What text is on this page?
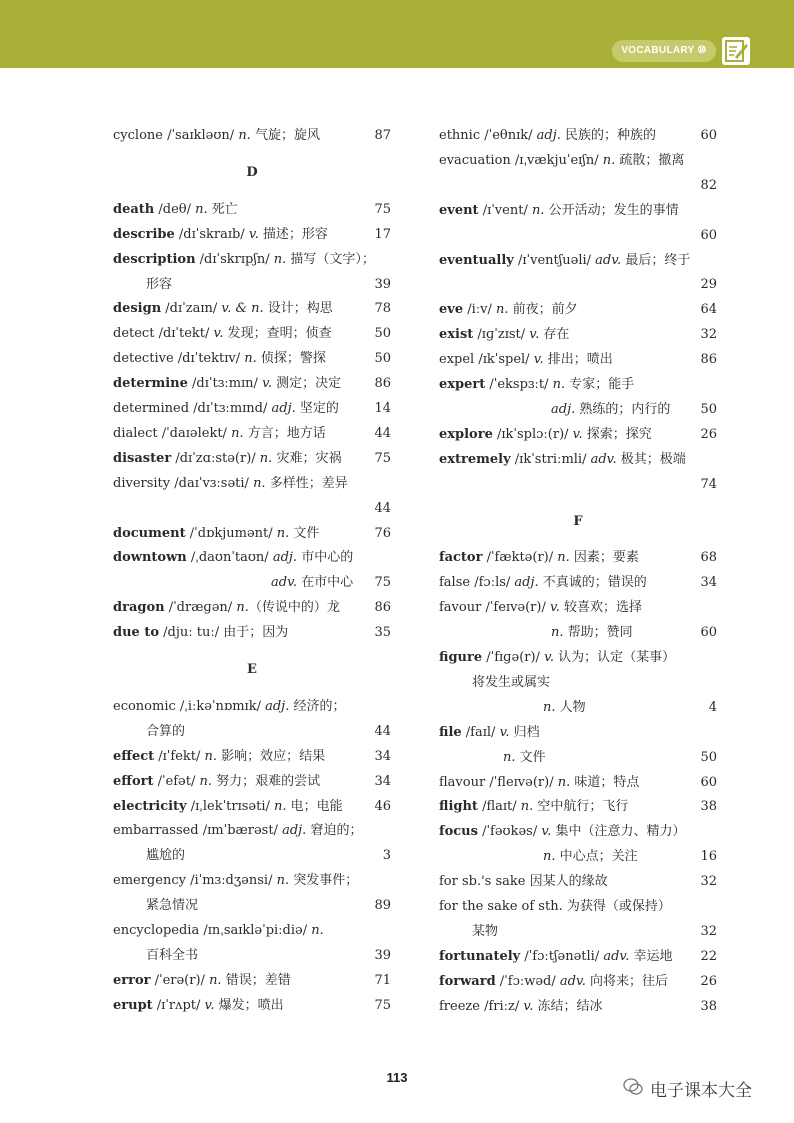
VOCABULARY ⑩
cyclone /ˈsaɪkləʊn/ n. 气旋；旋风	87
D
death /deθ/ n. 死亡	75
describe /dɪˈskraɪb/ v. 描述；形容	17
description /dɪˈskrɪpʃn/ n. 描写（文字）；
形容	39
design /dɪˈzaɪn/ v. & n. 设计；构思	78
detect /dɪˈtekt/ v. 发现；查明；侦查	50
detective /dɪˈtektɪv/ n. 侦探；警探	50
determine /dɪˈtɜːmɪn/ v. 测定；决定	86
determined /dɪˈtɜːmɪnd/ adj. 坚定的	14
dialect /ˈdaɪəlekt/ n. 方言；地方话	44
disaster /dɪˈzɑːstə(r)/ n. 灾难；灾祸	75
diversity /daɪˈvɜːsəti/ n. 多样性；差异
44
document /ˈdɒkjumənt/ n. 文件	76
downtown /ˌdaʊnˈtaʊn/ adj. 市中心的
adv. 在市中心	75
dragon /ˈdræɡən/ n.（传说中的）龙	86
due to /djuː tuː/ 由于；因为	35
E
economic /ˌiːkəˈnɒmɪk/ adj. 经济的；
合算的	44
effect /ɪˈfekt/ n. 影响；效应；结果	34
effort /ˈefət/ n. 努力；艰难的尝试	34
electricity /ɪˌlekˈtrɪsəti/ n. 电；电能	46
embarrassed /ɪmˈbærəst/ adj. 窘迫的；
尴尬的	3
emergency /iˈmɜːdʒənsi/ n. 突发事件；
紧急情况	89
encyclopedia /ɪnˌsaɪkləˈpiːdiə/ n.
百科全书	39
error /ˈerə(r)/ n. 错误；差错	71
erupt /ɪˈrʌpt/ v. 爆发；喷出	75
ethnic /ˈeθnɪk/ adj. 民族的；种族的	60
evacuation /ɪˌvækjuˈeɪʃn/ n. 疏散；撤离
82
event /ɪˈvent/ n. 公开活动；发生的事情
60
eventually /ɪˈventʃuəli/ adv. 最后；终于
29
eve /iːv/ n. 前夜；前夕	64
exist /ɪɡˈzɪst/ v. 存在	32
expel /ɪkˈspel/ v. 排出；喷出	86
expert /ˈekspɜːt/ n. 专家；能手
adj. 熟练的；内行的	50
explore /ɪkˈsplɔː(r)/ v. 探索；探究	26
extremely /ɪkˈstriːmli/ adv. 极其；极端
74
F
factor /ˈfæktə(r)/ n. 因素；要素	68
false /fɔːls/ adj. 不真诚的；错误的	34
favour /ˈfeɪvə(r)/ v. 较喜欢；选择
n. 帮助；赞同	60
figure /ˈfɪɡə(r)/ v. 认为；认定（某事）
将发生或属实
n. 人物	4
file /faɪl/ v. 归档
n. 文件	50
flavour /ˈfleɪvə(r)/ n. 味道；特点	60
flight /flaɪt/ n. 空中航行；飞行	38
focus /ˈfəʊkəs/ v. 集中（注意力、精力）
n. 中心点；关注	16
for sb.'s sake 因某人的缘故	32
for the sake of sth. 为获得（或保持）
某物	32
fortunately /ˈfɔːtʃənətli/ adv. 幸运地	22
forward /ˈfɔːwəd/ adv. 向将来；往后	26
freeze /friːz/ v. 冻结；结冰	38
113
电子课本大全
